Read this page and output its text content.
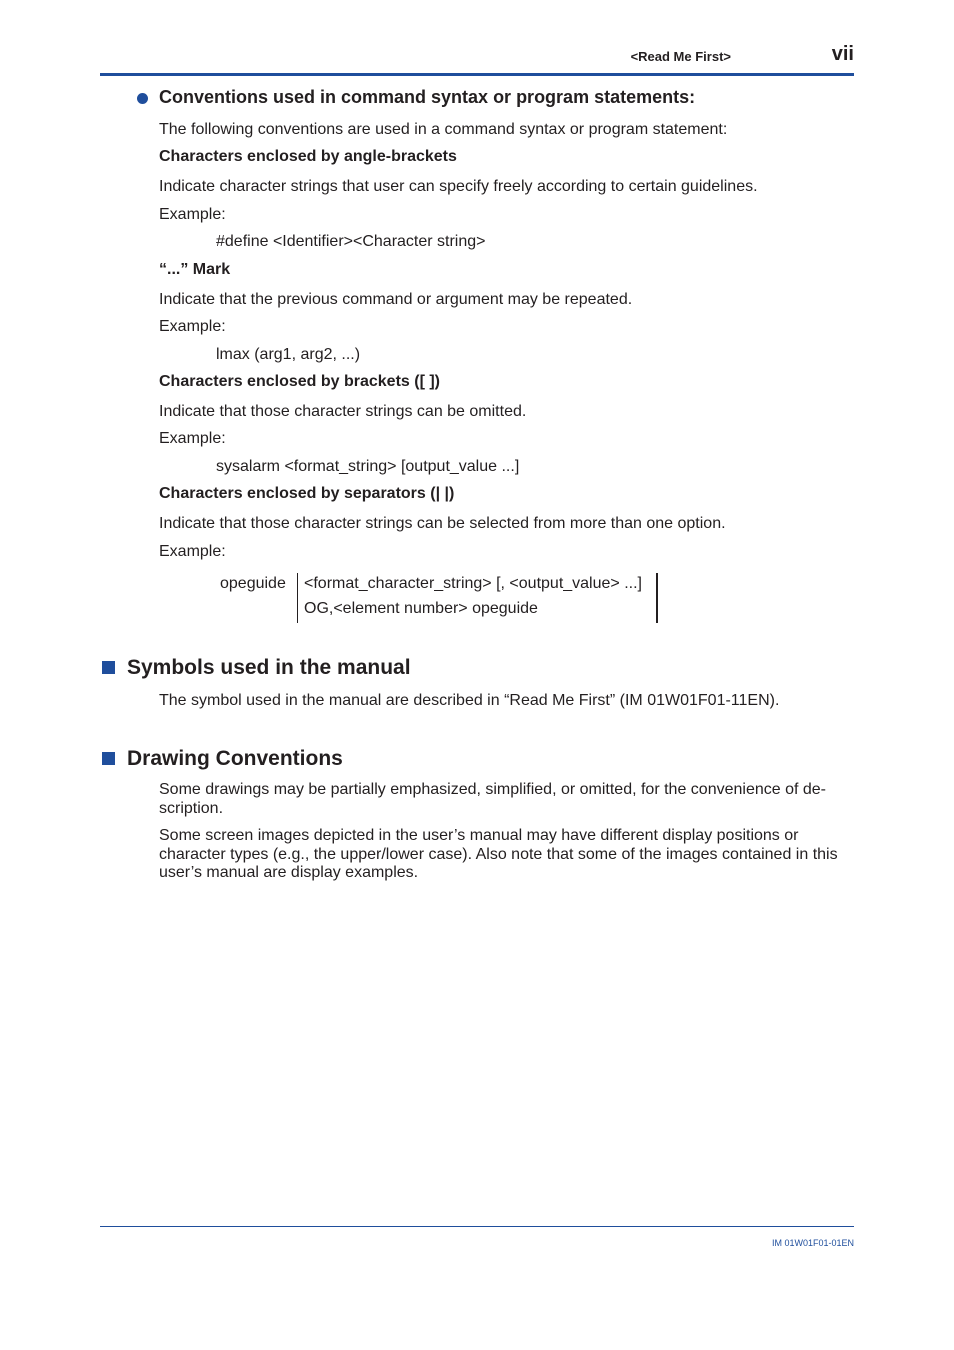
<Read Me First>	vii
Conventions used in command syntax or program statements:
The following conventions are used in a command syntax or program statement:
Characters enclosed by angle-brackets
Indicate character strings that user can specify freely according to certain guidelines.
Example:
#define <Identifier><Character string>
“...” Mark
Indicate that the previous command or argument may be repeated.
Example:
lmax (arg1, arg2, ...)
Characters enclosed by brackets ([ ])
Indicate that those character strings can be omitted.
Example:
sysalarm <format_string> [output_value ...]
Characters enclosed by separators (| |)
Indicate that those character strings can be selected from more than one option.
Example:
opeguide <format_character_string> [, <output_value> ...]
OG,<element number> opeguide
Symbols used in the manual
The symbol used in the manual are described in “Read Me First” (IM 01W01F01-11EN).
Drawing Conventions
Some drawings may be partially emphasized, simplified, or omitted, for the convenience of de-scription.
Some screen images depicted in the user’s manual may have different display positions or character types (e.g., the upper/lower case). Also note that some of the images contained in this user’s manual are display examples.
IM 01W01F01-01EN
